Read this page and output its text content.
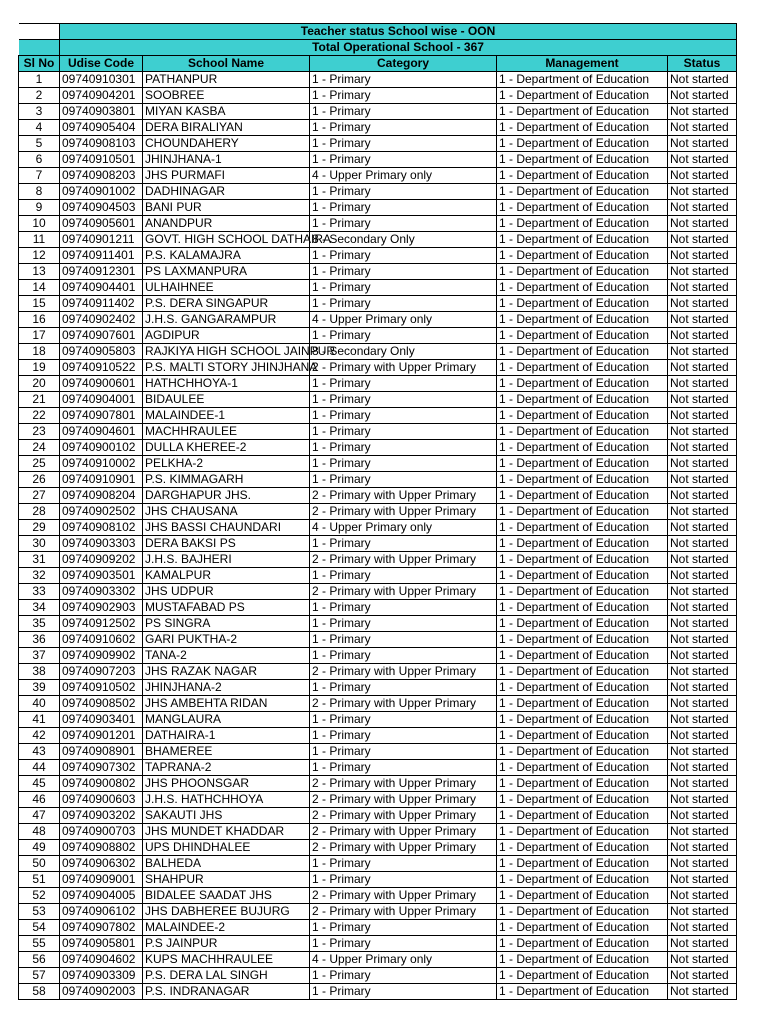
	Teacher status School wise - OON				
	Total Operational School - 367				
Sl No	Udise Code	School Name	Category	Management	Status
1	09740910301	PATHANPUR	1 - Primary	1 - Department of Education	Not started
2	09740904201	SOOBREE	1 - Primary	1 - Department of Education	Not started
3	09740903801	MIYAN KASBA	1 - Primary	1 - Department of Education	Not started
4	09740905404	DERA BIRALIYAN	1 - Primary	1 - Department of Education	Not started
5	09740908103	CHOUNDAHERY	1 - Primary	1 - Department of Education	Not started
6	09740910501	JHINJHANA-1	1 - Primary	1 - Department of Education	Not started
7	09740908203	JHS PURMAFI	4 - Upper Primary only	1 - Department of Education	Not started
8	09740901002	DADHINAGAR	1 - Primary	1 - Department of Education	Not started
9	09740904503	BANI PUR	1 - Primary	1 - Department of Education	Not started
10	09740905601	ANANDPUR	1 - Primary	1 - Department of Education	Not started
11	09740901211	GOVT. HIGH SCHOOL DATHAIRA	8 - Secondary Only	1 - Department of Education	Not started
12	09740911401	P.S. KALAMAJRA	1 - Primary	1 - Department of Education	Not started
13	09740912301	PS LAXMANPURA	1 - Primary	1 - Department of Education	Not started
14	09740904401	ULHAIHNEE	1 - Primary	1 - Department of Education	Not started
15	09740911402	P.S. DERA SINGAPUR	1 - Primary	1 - Department of Education	Not started
16	09740902402	J.H.S. GANGARAMPUR	4 - Upper Primary only	1 - Department of Education	Not started
17	09740907601	AGDIPUR	1 - Primary	1 - Department of Education	Not started
18	09740905803	RAJKIYA HIGH SCHOOL JAINPUR	8 - Secondary Only	1 - Department of Education	Not started
19	09740910522	P.S. MALTI STORY JHINJHANA	2 - Primary with Upper Primary	1 - Department of Education	Not started
20	09740900601	HATHCHHOYA-1	1 - Primary	1 - Department of Education	Not started
21	09740904001	BIDAULEE	1 - Primary	1 - Department of Education	Not started
22	09740907801	MALAINDEE-1	1 - Primary	1 - Department of Education	Not started
23	09740904601	MACHHRAULEE	1 - Primary	1 - Department of Education	Not started
24	09740900102	DULLA KHEREE-2	1 - Primary	1 - Department of Education	Not started
25	09740910002	PELKHA-2	1 - Primary	1 - Department of Education	Not started
26	09740910901	P.S. KIMMAGARH	1 - Primary	1 - Department of Education	Not started
27	09740908204	DARGHAPUR JHS.	2 - Primary with Upper Primary	1 - Department of Education	Not started
28	09740902502	JHS CHAUSANA	2 - Primary with Upper Primary	1 - Department of Education	Not started
29	09740908102	JHS BASSI CHAUNDARI	4 - Upper Primary only	1 - Department of Education	Not started
30	09740903303	DERA BAKSI PS	1 - Primary	1 - Department of Education	Not started
31	09740909202	J.H.S. BAJHERI	2 - Primary with Upper Primary	1 - Department of Education	Not started
32	09740903501	KAMALPUR	1 - Primary	1 - Department of Education	Not started
33	09740903302	JHS UDPUR	2 - Primary with Upper Primary	1 - Department of Education	Not started
34	09740902903	MUSTAFABAD PS	1 - Primary	1 - Department of Education	Not started
35	09740912502	PS SINGRA	1 - Primary	1 - Department of Education	Not started
36	09740910602	GARI PUKTHA-2	1 - Primary	1 - Department of Education	Not started
37	09740909902	TANA-2	1 - Primary	1 - Department of Education	Not started
38	09740907203	JHS RAZAK NAGAR	2 - Primary with Upper Primary	1 - Department of Education	Not started
39	09740910502	JHINJHANA-2	1 - Primary	1 - Department of Education	Not started
40	09740908502	JHS AMBEHTA RIDAN	2 - Primary with Upper Primary	1 - Department of Education	Not started
41	09740903401	MANGLAURA	1 - Primary	1 - Department of Education	Not started
42	09740901201	DATHAIRA-1	1 - Primary	1 - Department of Education	Not started
43	09740908901	BHAMEREE	1 - Primary	1 - Department of Education	Not started
44	09740907302	TAPRANA-2	1 - Primary	1 - Department of Education	Not started
45	09740900802	JHS PHOONSGAR	2 - Primary with Upper Primary	1 - Department of Education	Not started
46	09740900603	J.H.S. HATHCHHOYA	2 - Primary with Upper Primary	1 - Department of Education	Not started
47	09740903202	SAKAUTI JHS	2 - Primary with Upper Primary	1 - Department of Education	Not started
48	09740900703	JHS MUNDET KHADDAR	2 - Primary with Upper Primary	1 - Department of Education	Not started
49	09740908802	UPS DHINDHALEE	2 - Primary with Upper Primary	1 - Department of Education	Not started
50	09740906302	BALHEDA	1 - Primary	1 - Department of Education	Not started
51	09740909001	SHAHPUR	1 - Primary	1 - Department of Education	Not started
52	09740904005	BIDALEE SAADAT JHS	2 - Primary with Upper Primary	1 - Department of Education	Not started
53	09740906102	JHS DABHEREE BUJURG	2 - Primary with Upper Primary	1 - Department of Education	Not started
54	09740907802	MALAINDEE-2	1 - Primary	1 - Department of Education	Not started
55	09740905801	P.S JAINPUR	1 - Primary	1 - Department of Education	Not started
56	09740904602	KUPS MACHHRAULEE	4 - Upper Primary only	1 - Department of Education	Not started
57	09740903309	P.S. DERA LAL SINGH	1 - Primary	1 - Department of Education	Not started
58	09740902003	P.S. INDRANAGAR	1 - Primary	1 - Department of Education	Not started
